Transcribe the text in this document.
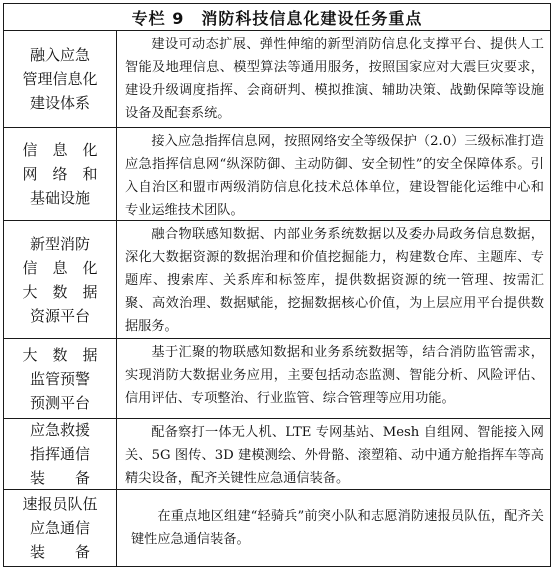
专栏 9　消防科技信息化建设任务重点
融入应急
管理信息化
建设体系
建设可动态扩展、弹性伸缩的新型消防信息化支撑平台、提供人工智能及地理信息、模型算法等通用服务，按照国家应对大震巨灾要求，建设升级调度指挥、会商研判、模拟推演、辅助决策、战勤保障等设施设备及配套系统。
信　息　化
网　络　和
基础设施
接入应急指挥信息网，按照网络安全等级保护（2.0）三级标准打造应急指挥信息网“纵深防御、主动防御、安全韧性”的安全保障体系。引入自治区和盟市两级消防信息化技术总体单位，建设智能化运维中心和专业运维技术团队。
新型消防
信　息　化
大　数　据
资源平台
融合物联感知数据、内部业务系统数据以及委办局政务信息数据，深化大数据资源的数据治理和价值挖掘能力，构建数仓库、主题库、专题库、搜索库、关系库和标签库，提供数据资源的统一管理、按需汇聚、高效治理、数据赋能，挖掘数据核心价值，为上层应用平台提供数据服务。
大　数　据
监管预警
预测平台
基于汇聚的物联感知数据和业务系统数据等，结合消防监管需求，实现消防大数据业务应用，主要包括动态监测、智能分析、风险评估、信用评估、专项整治、行业监管、综合管理等应用功能。
应急救援
指挥通信
装　　备
配备察打一体无人机、LTE 专网基站、Mesh 自组网、智能接入网关、5G 图传、3D 建模测绘、外骨骼、滚塑箱、动中通方舱指挥车等高精尖设备，配齐关键性应急通信装备。
速报员队伍
应急通信
装　　备
在重点地区组建“轻骑兵”前突小队和志愿消防速报员队伍，配齐关键性应急通信装备。
